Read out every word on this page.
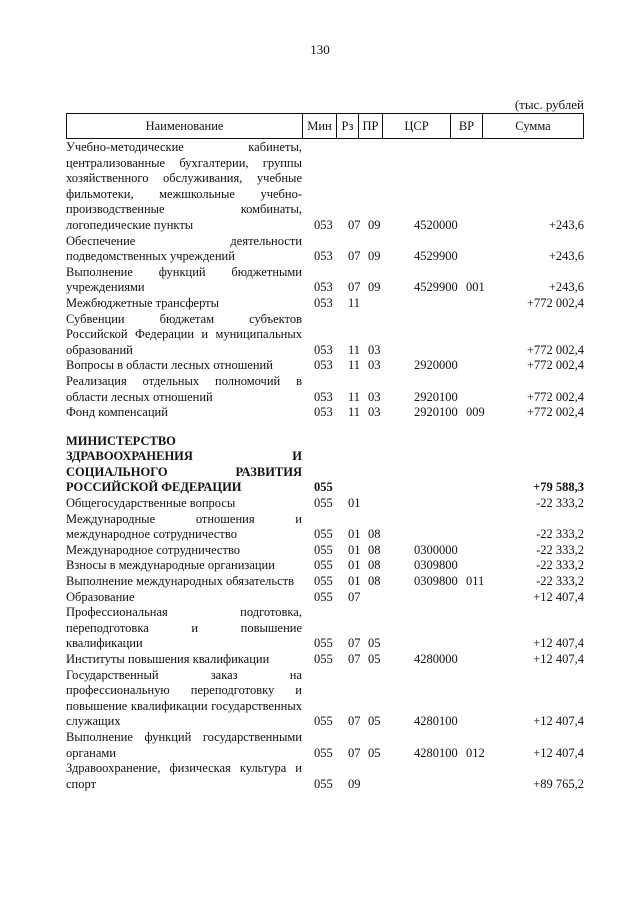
130
(тыс. рублей
Наименование	Мин Рз ПР	ЦСР	ВР	Сумма
Учебно-методические кабинеты, централизованные бухгалтерии, группы хозяйственного обслуживания, учебные фильмотеки, межшкольные учебно-производственные комбинаты, логопедические пункты	053	07 09	4520000	+243,6
Обеспечение деятельности подведомственных учреждений	053	07 09	4529900	+243,6
Выполнение функций бюджетными учреждениями	053	07 09	4529900 001	+243,6
Межбюджетные трансферты	053	11	+772 002,4
Субвенции бюджетам субъектов Российской Федерации и муниципальных образований	053	11 03	+772 002,4
Вопросы в области лесных отношений	053	11 03	2920000	+772 002,4
Реализация отдельных полномочий в области лесных отношений	053	11 03	2920100	+772 002,4
Фонд компенсаций	053	11 03	2920100 009	+772 002,4
МИНИСТЕРСТВО ЗДРАВООХРАНЕНИЯ И СОЦИАЛЬНОГО РАЗВИТИЯ РОССИЙСКОЙ ФЕДЕРАЦИИ	055	+79 588,3
Общегосударственные вопросы	055	01	-22 333,2
Международные отношения и международное сотрудничество	055	01 08	-22 333,2
Международное сотрудничество	055	01 08	0300000	-22 333,2
Взносы в международные организации	055	01 08	0309800	-22 333,2
Выполнение международных обязательств	055	01 08	0309800 011	-22 333,2
Образование	055	07	+12 407,4
Профессиональная подготовка, переподготовка и повышение квалификации	055	07 05	+12 407,4
Институты повышения квалификации	055	07 05	4280000	+12 407,4
Государственный заказ на профессиональную переподготовку и повышение квалификации государственных служащих	055	07 05	4280100	+12 407,4
Выполнение функций государственными органами	055	07 05	4280100 012	+12 407,4
Здравоохранение, физическая культура и спорт	055	09	+89 765,2
